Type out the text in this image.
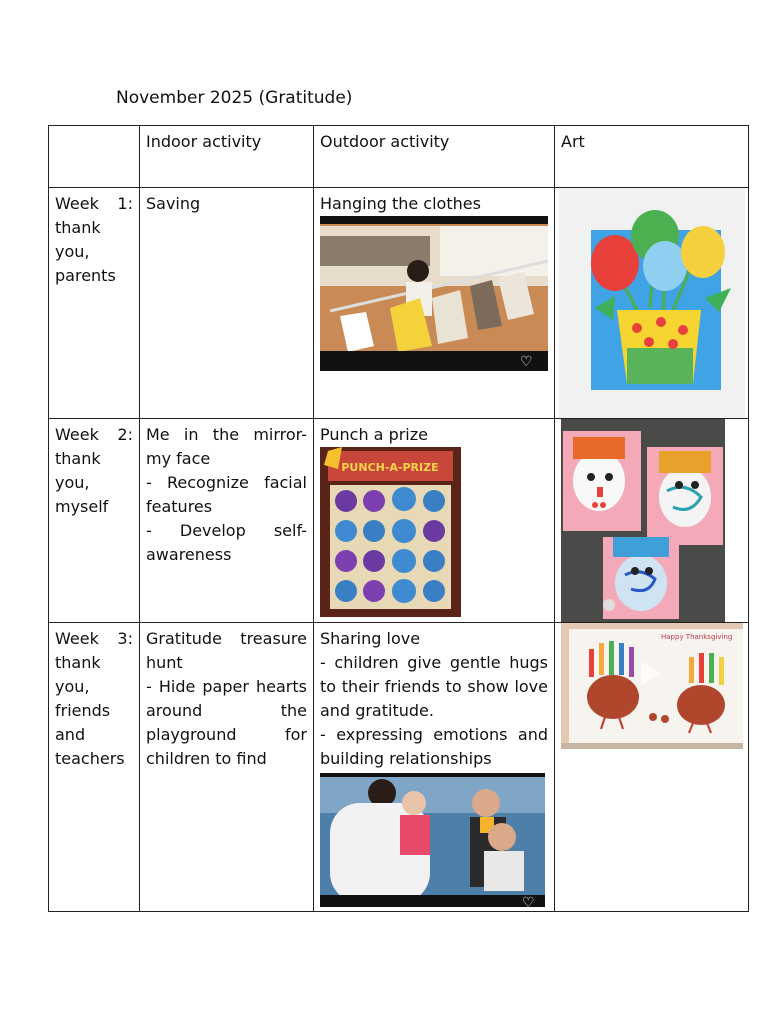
November 2025 (Gratitude)
	Indoor activity	Outdoor activity	Art
Week 1: thank you, parents	Saving	Hanging the clothes
♡

Week 2: thank you, myself	Me in the mirror- my face
- Recognize facial features
- Develop self-awareness	Punch a prize
PUNCH-A-PRIZE

Week 3: thank you, friends and teachers	Gratitude treasure hunt
- Hide paper hearts around the playground for children to find	Sharing love
- children give gentle hugs to their friends to show love and gratitude.
- expressing emotions and building relationships
♡	Happy Thanksgiving
